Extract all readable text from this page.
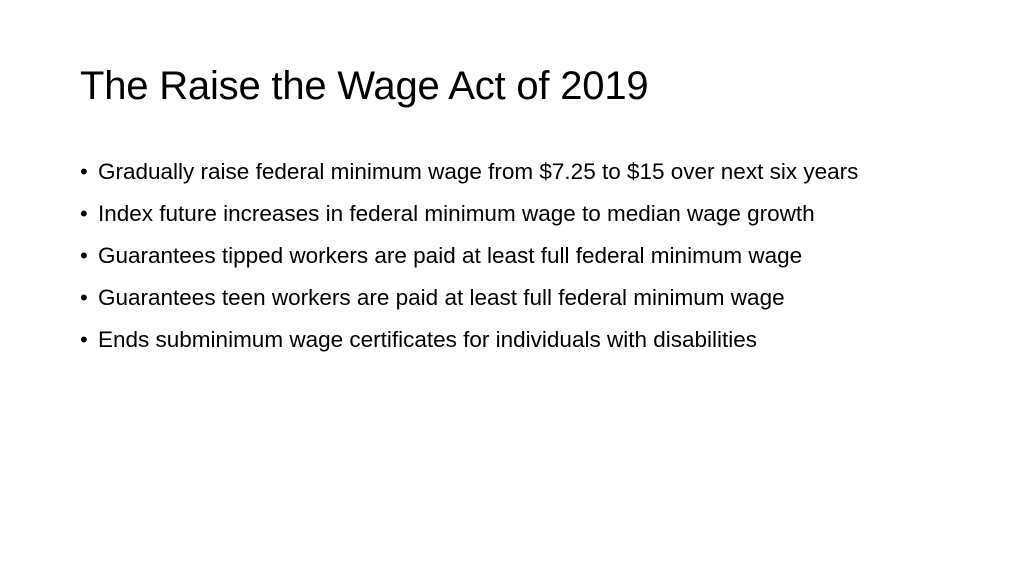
The Raise the Wage Act of 2019
• Gradually raise federal minimum wage from $7.25 to $15 over next six years
• Index future increases in federal minimum wage to median wage growth
• Guarantees tipped workers are paid at least full federal minimum wage
• Guarantees teen workers are paid at least full federal minimum wage
• Ends subminimum wage certificates for individuals with disabilities
